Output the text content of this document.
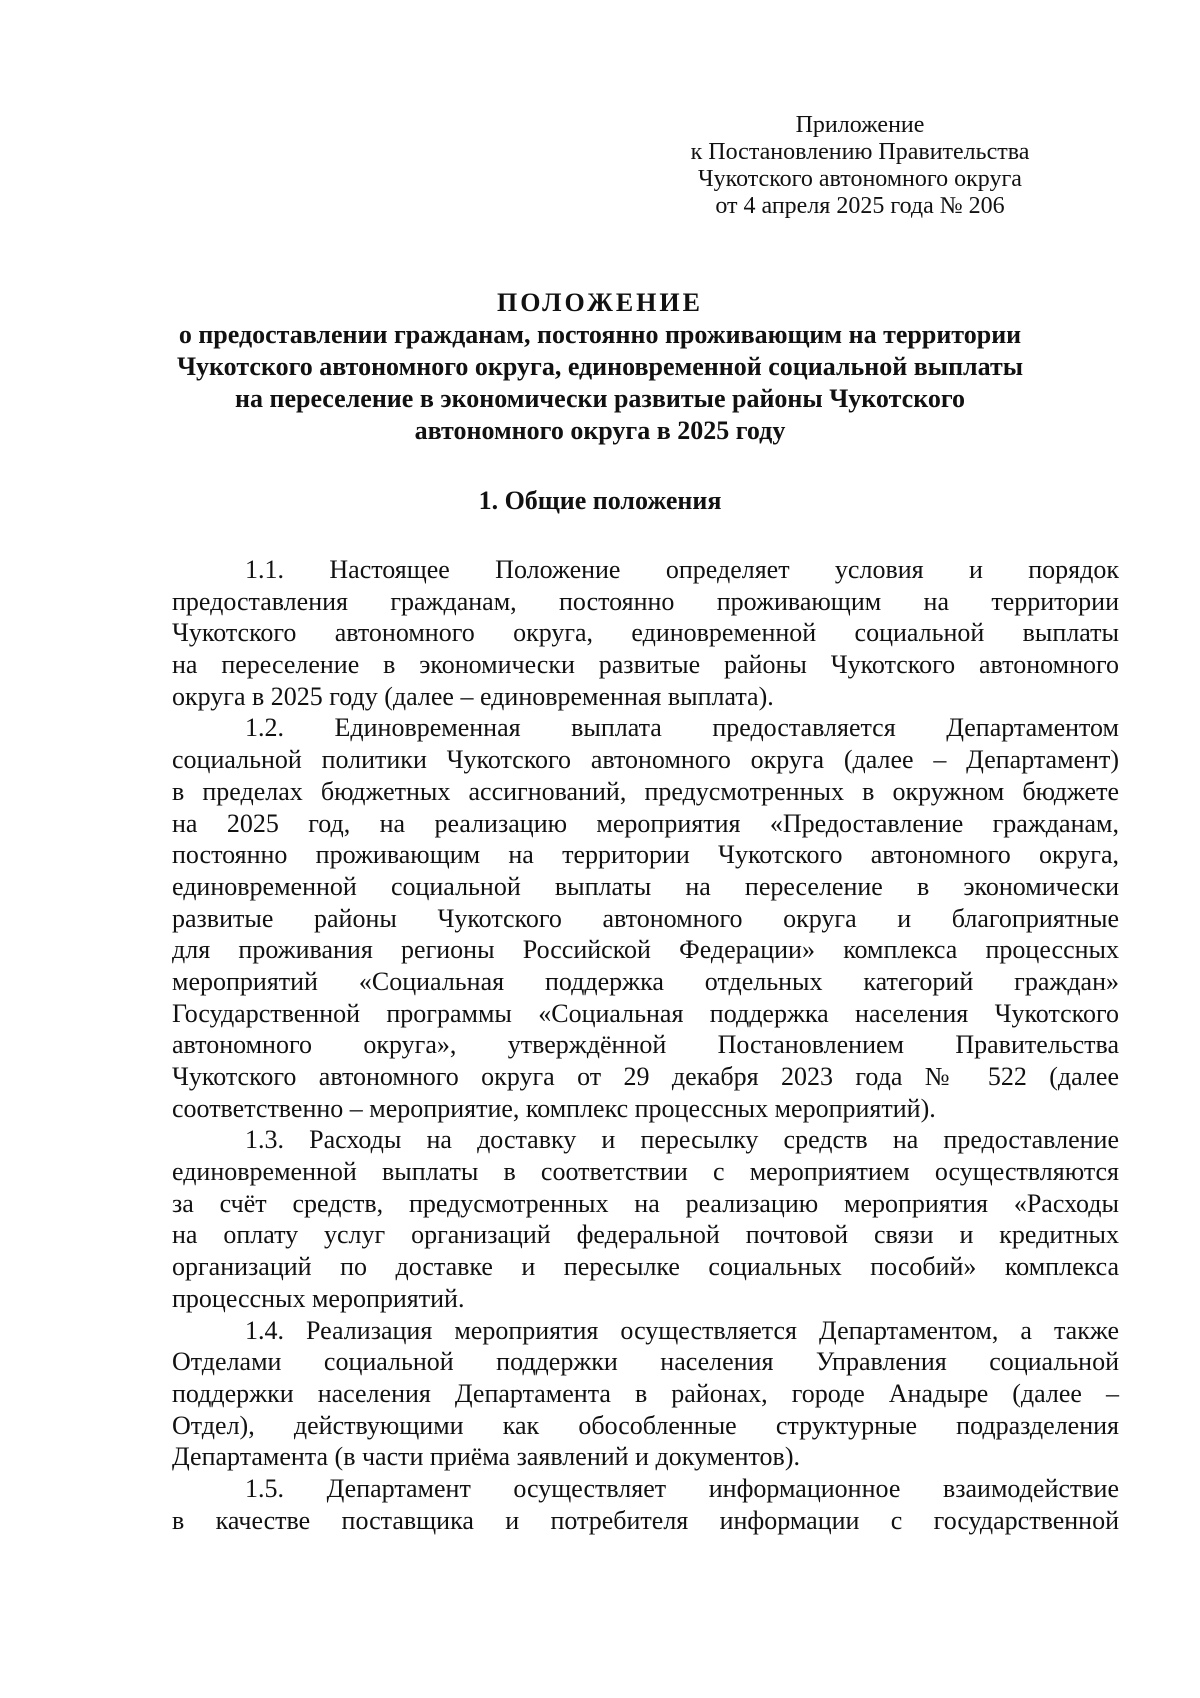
Приложение
к Постановлению Правительства
Чукотского автономного округа
от 4 апреля 2025 года № 206
ПОЛОЖЕНИЕ
о предоставлении гражданам, постоянно проживающим на территории
Чукотского автономного округа, единовременной социальной выплаты
на переселение в экономически развитые районы Чукотского
автономного округа в 2025 году
1. Общие положения
1.1. Настоящее Положение определяет условия и порядок
предоставления гражданам, постоянно проживающим на территории
Чукотского автономного округа, единовременной социальной выплаты
на переселение в экономически развитые районы Чукотского автономного
округа в 2025 году (далее – единовременная выплата).
1.2. Единовременная выплата предоставляется Департаментом
социальной политики Чукотского автономного округа (далее – Департамент)
в пределах бюджетных ассигнований, предусмотренных в окружном бюджете
на 2025 год, на реализацию мероприятия «Предоставление гражданам,
постоянно проживающим на территории Чукотского автономного округа,
единовременной социальной выплаты на переселение в экономически
развитые районы Чукотского автономного округа и благоприятные
для проживания регионы Российской Федерации» комплекса процессных
мероприятий «Социальная поддержка отдельных категорий граждан»
Государственной программы «Социальная поддержка населения Чукотского
автономного округа», утверждённой Постановлением Правительства
Чукотского автономного округа от 29 декабря 2023 года № 522 (далее
соответственно – мероприятие, комплекс процессных мероприятий).
1.3. Расходы на доставку и пересылку средств на предоставление
единовременной выплаты в соответствии с мероприятием осуществляются
за счёт средств, предусмотренных на реализацию мероприятия «Расходы
на оплату услуг организаций федеральной почтовой связи и кредитных
организаций по доставке и пересылке социальных пособий» комплекса
процессных мероприятий.
1.4. Реализация мероприятия осуществляется Департаментом, а также
Отделами социальной поддержки населения Управления социальной
поддержки населения Департамента в районах, городе Анадыре (далее –
Отдел), действующими как обособленные структурные подразделения
Департамента (в части приёма заявлений и документов).
1.5. Департамент осуществляет информационное взаимодействие
в качестве поставщика и потребителя информации с государственной
